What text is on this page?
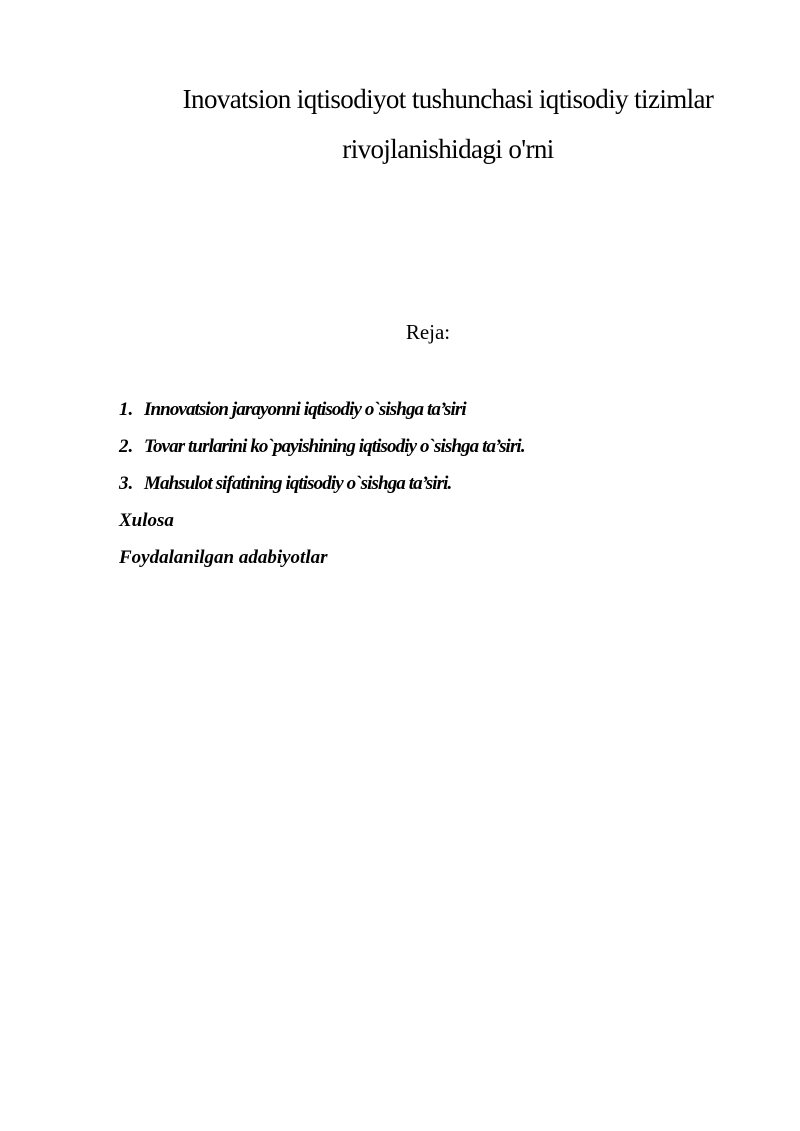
Inovatsion iqtisodiyot tushunchasi iqtisodiy tizimlar
rivojlanishidagi o'rni
Reja:
1. Innovatsion jarayonni iqtisodiy o`sishga ta’siri
2. Tovar turlarini ko`payishining iqtisodiy o`sishga ta’siri.
3. Mahsulot sifatining iqtisodiy o`sishga ta’siri.
Xulosa
Foydalanilgan adabiyotlar
